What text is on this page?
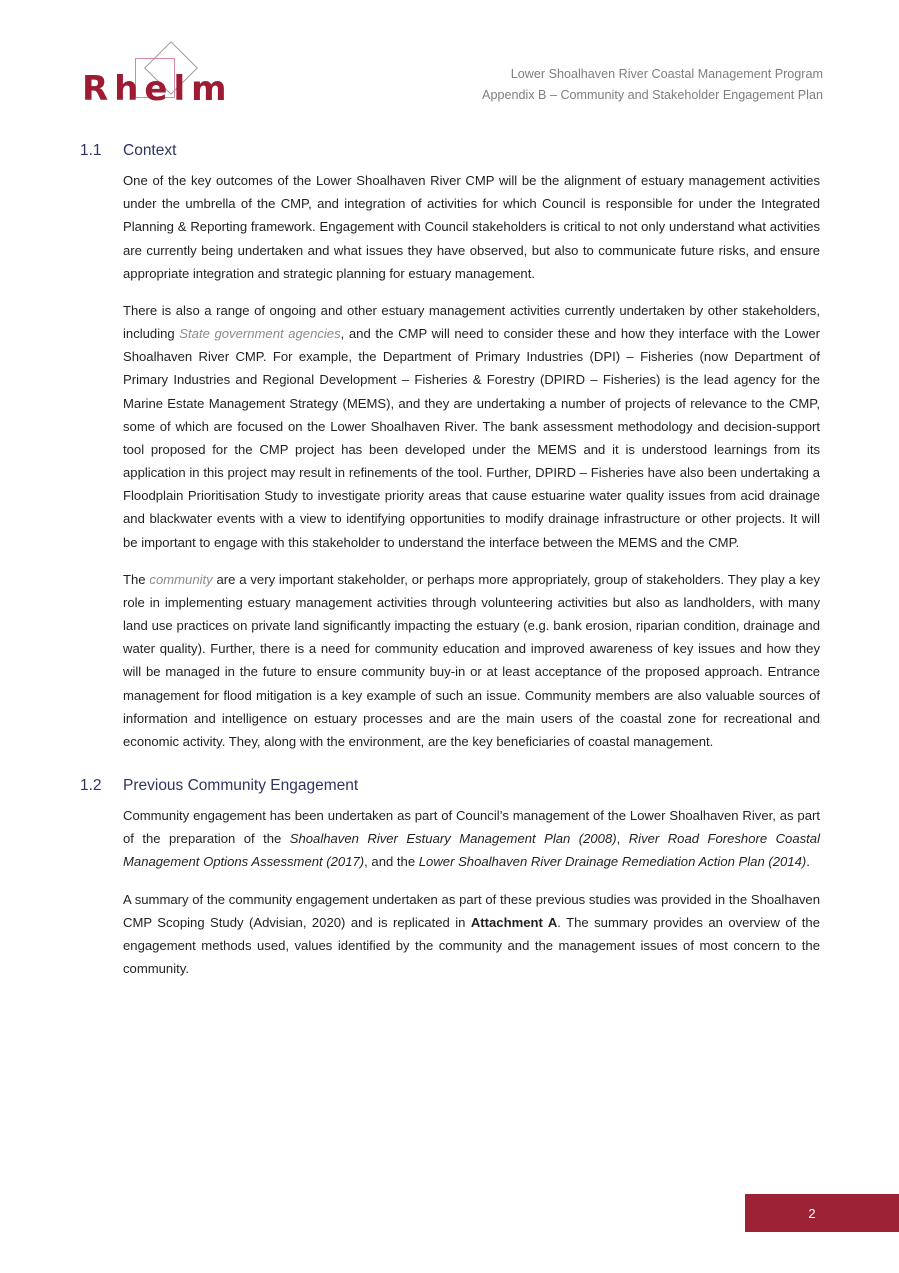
Rhelm	Lower Shoalhaven River Coastal Management Program
Appendix B – Community and Stakeholder Engagement Plan
1.1	Context

One of the key outcomes of the Lower Shoalhaven River CMP will be the alignment of estuary management activities under the umbrella of the CMP, and integration of activities for which Council is responsible for under the Integrated Planning & Reporting framework. Engagement with Council stakeholders is critical to not only understand what activities are currently being undertaken and what issues they have observed, but also to communicate future risks, and ensure appropriate integration and strategic planning for estuary management.

There is also a range of ongoing and other estuary management activities currently undertaken by other stakeholders, including State government agencies, and the CMP will need to consider these and how they interface with the Lower Shoalhaven River CMP. For example, the Department of Primary Industries (DPI) – Fisheries (now Department of Primary Industries and Regional Development – Fisheries & Forestry (DPIRD – Fisheries) is the lead agency for the Marine Estate Management Strategy (MEMS), and they are undertaking a number of projects of relevance to the CMP, some of which are focused on the Lower Shoalhaven River. The bank assessment methodology and decision-support tool proposed for the CMP project has been developed under the MEMS and it is understood learnings from its application in this project may result in refinements of the tool. Further, DPIRD – Fisheries have also been undertaking a Floodplain Prioritisation Study to investigate priority areas that cause estuarine water quality issues from acid drainage and blackwater events with a view to identifying opportunities to modify drainage infrastructure or other projects. It will be important to engage with this stakeholder to understand the interface between the MEMS and the CMP.

The community are a very important stakeholder, or perhaps more appropriately, group of stakeholders. They play a key role in implementing estuary management activities through volunteering activities but also as landholders, with many land use practices on private land significantly impacting the estuary (e.g. bank erosion, riparian condition, drainage and water quality). Further, there is a need for community education and improved awareness of key issues and how they will be managed in the future to ensure community buy-in or at least acceptance of the proposed approach. Entrance management for flood mitigation is a key example of such an issue. Community members are also valuable sources of information and intelligence on estuary processes and are the main users of the coastal zone for recreational and economic activity. They, along with the environment, are the key beneficiaries of coastal management.

1.2	Previous Community Engagement

Community engagement has been undertaken as part of Council’s management of the Lower Shoalhaven River, as part of the preparation of the Shoalhaven River Estuary Management Plan (2008), River Road Foreshore Coastal Management Options Assessment (2017), and the Lower Shoalhaven River Drainage Remediation Action Plan (2014).

A summary of the community engagement undertaken as part of these previous studies was provided in the Shoalhaven CMP Scoping Study (Advisian, 2020) and is replicated in Attachment A. The summary provides an overview of the engagement methods used, values identified by the community and the management issues of most concern to the community.

2
